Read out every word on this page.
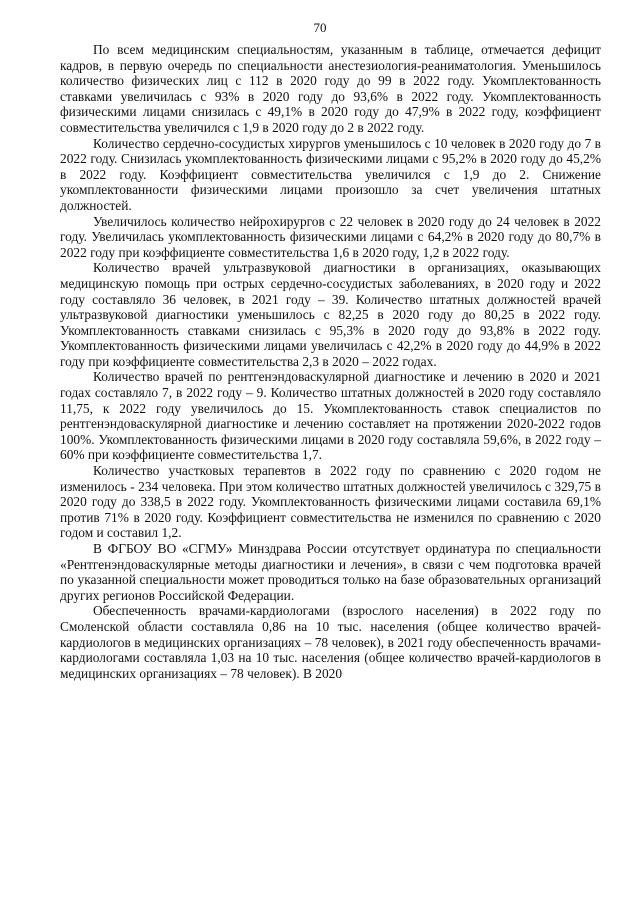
70

По всем медицинским специальностям, указанным в таблице, отмечается дефицит кадров, в первую очередь по специальности анестезиология-реаниматология. Уменьшилось количество физических лиц с 112 в 2020 году до 99 в 2022 году. Укомплектованность ставками увеличилась с 93% в 2020 году до 93,6% в 2022 году. Укомплектованность физическими лицами снизилась с 49,1% в 2020 году до 47,9% в 2022 году, коэффициент совместительства увеличился с 1,9 в 2020 году до 2 в 2022 году.

Количество сердечно-сосудистых хирургов уменьшилось с 10 человек в 2020 году до 7 в 2022 году. Снизилась укомплектованность физическими лицами с 95,2% в 2020 году до 45,2% в 2022 году. Коэффициент совместительства увеличился с 1,9 до 2. Снижение укомплектованности физическими лицами произошло за счет увеличения штатных должностей.

Увеличилось количество нейрохирургов с 22 человек в 2020 году до 24 человек в 2022 году. Увеличилась укомплектованность физическими лицами с 64,2% в 2020 году до 80,7% в 2022 году при коэффициенте совместительства 1,6 в 2020 году, 1,2 в 2022 году.

Количество врачей ультразвуковой диагностики в организациях, оказывающих медицинскую помощь при острых сердечно-сосудистых заболеваниях, в 2020 году и 2022 году составляло 36 человек, в 2021 году – 39. Количество штатных должностей врачей ультразвуковой диагностики уменьшилось с 82,25 в 2020 году до 80,25 в 2022 году. Укомплектованность ставками снизилась с 95,3% в 2020 году до 93,8% в 2022 году. Укомплектованность физическими лицами увеличилась с 42,2% в 2020 году до 44,9% в 2022 году при коэффициенте совместительства 2,3 в 2020 – 2022 годах.

Количество врачей по рентгенэндоваскулярной диагностике и лечению в 2020 и 2021 годах составляло 7, в 2022 году – 9. Количество штатных должностей в 2020 году составляло 11,75, к 2022 году увеличилось до 15. Укомплектованность ставок специалистов по рентгенэндоваскулярной диагностике и лечению составляет на протяжении 2020-2022 годов 100%. Укомплектованность физическими лицами в 2020 году составляла 59,6%, в 2022 году – 60% при коэффициенте совместительства 1,7.

Количество участковых терапевтов в 2022 году по сравнению с 2020 годом не изменилось - 234 человека. При этом количество штатных должностей увеличилось с 329,75 в 2020 году до 338,5 в 2022 году. Укомплектованность физическими лицами составила 69,1% против 71% в 2020 году. Коэффициент совместительства не изменился по сравнению с 2020 годом и составил 1,2.

В ФГБОУ ВО «СГМУ» Минздрава России отсутствует ординатура по специальности «Рентгенэндоваскулярные методы диагностики и лечения», в связи с чем подготовка врачей по указанной специальности может проводиться только на базе образовательных организаций других регионов Российской Федерации.

Обеспеченность врачами-кардиологами (взрослого населения) в 2022 году по Смоленской области составляла 0,86 на 10 тыс. населения (общее количество врачей-кардиологов в медицинских организациях – 78 человек), в 2021 году обеспеченность врачами-кардиологами составляла 1,03 на 10 тыс. населения (общее количество врачей-кардиологов в медицинских организациях – 78 человек). В 2020
